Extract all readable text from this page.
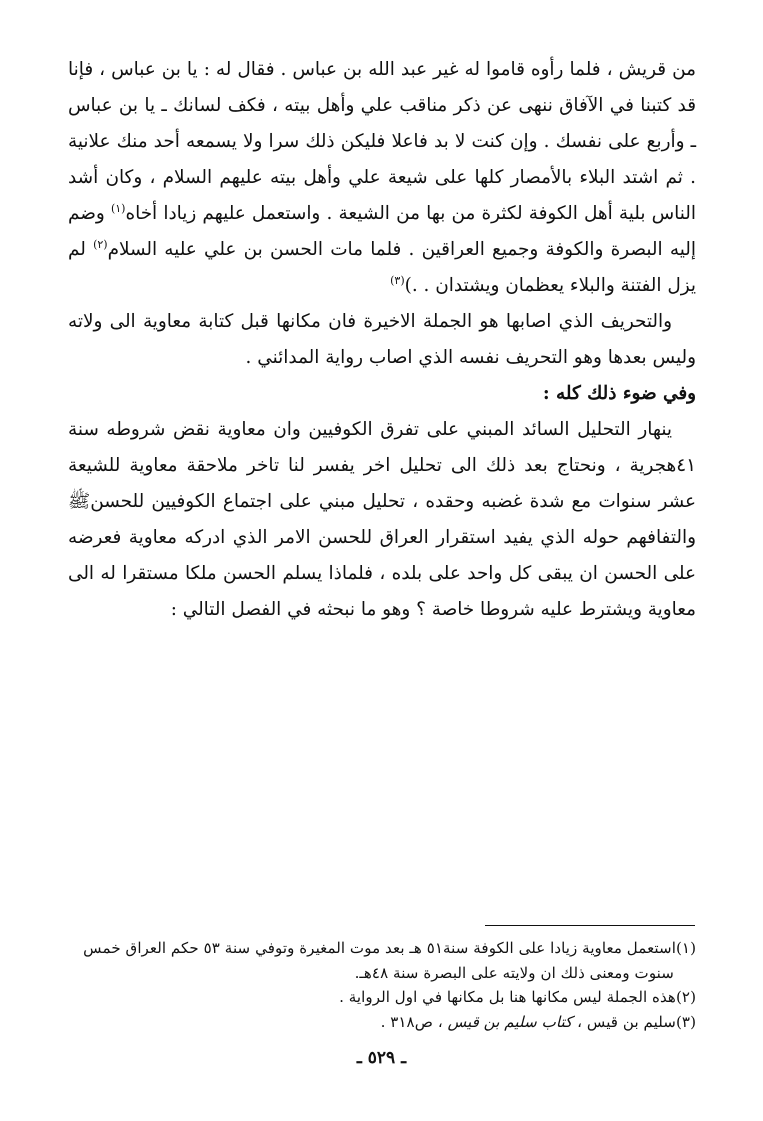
من قريش ، فلما رأوه قاموا له غير عبد الله بن عباس . فقال له : يا بن عباس ، فإنا قد كتبنا في الآفاق ننهى عن ذكر مناقب علي وأهل بيته ، فكف لسانك ـ يا بن عباس ـ وأربع على نفسك . وإن كنت لا بد فاعلا فليكن ذلك سرا ولا يسمعه أحد منك علانية . ثم اشتد البلاء بالأمصار كلها على شيعة علي وأهل بيته عليهم السلام ، وكان أشد الناس بلية أهل الكوفة لكثرة من بها من الشيعة . واستعمل عليهم زيادا أخاه$^{(١)}$ وضم إليه البصرة والكوفة وجميع العراقين . فلما مات الحسن بن علي عليه السلام$^{(٢)}$ لم يزل الفتنة والبلاء يعظمان ويشتدان . .)$^{(٣)}$

والتحريف الذي اصابها هو الجملة الاخيرة فان مكانها قبل كتابة معاوية الى ولاته وليس بعدها وهو التحريف نفسه الذي اصاب رواية المدائني .

وفي ضوء ذلك كله :

ينهار التحليل السائد المبني على تفرق الكوفيين وان معاوية نقض شروطه سنة ٤١هجرية ، ونحتاج بعد ذلك الى تحليل اخر يفسر لنا تاخر ملاحقة معاوية للشيعة عشر سنوات مع شدة غضبه وحقده ، تحليل مبني على اجتماع الكوفيين للحسنﷺ والتفافهم حوله الذي يفيد استقرار العراق للحسن الامر الذي ادركه معاوية فعرضه على الحسن ان يبقى كل واحد على بلده ، فلماذا يسلم الحسن ملكا مستقرا له الى معاوية ويشترط عليه شروطا خاصة ؟ وهو ما نبحثه في الفصل التالي :

(١)استعمل معاوية زيادا على الكوفة سنة٥١ هـ بعد موت المغيرة وتوفي سنة ٥٣ حكم العراق خمس
سنوت ومعنى ذلك ان ولايته على البصرة سنة ٤٨هـ.

(٢)هذه الجملة ليس مكانها هنا بل مكانها في اول الرواية .

(٣)سليم بن قيس ، كتاب سليم بن قيس ، ص٣١٨ .

ـ ٥٢٩ ـ
